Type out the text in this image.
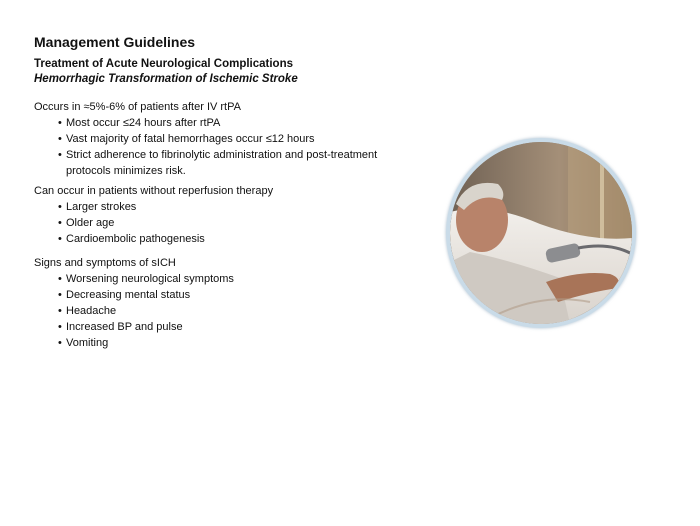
Management Guidelines
Treatment of Acute Neurological Complications
Hemorrhagic Transformation of Ischemic Stroke

Occurs in ≈5%-6% of patients after IV rtPA

• Most occur ≤24 hours after rtPA
• Vast majority of fatal hemorrhages occur ≤12 hours
• Strict adherence to fibrinolytic administration and post-treatment protocols minimizes risk.

Can occur in patients without reperfusion therapy

• Larger strokes
• Older age
• Cardioembolic pathogenesis

Signs and symptoms of sICH

• Worsening neurological symptoms
• Decreasing mental status
• Headache
• Increased BP and pulse
• Vomiting
